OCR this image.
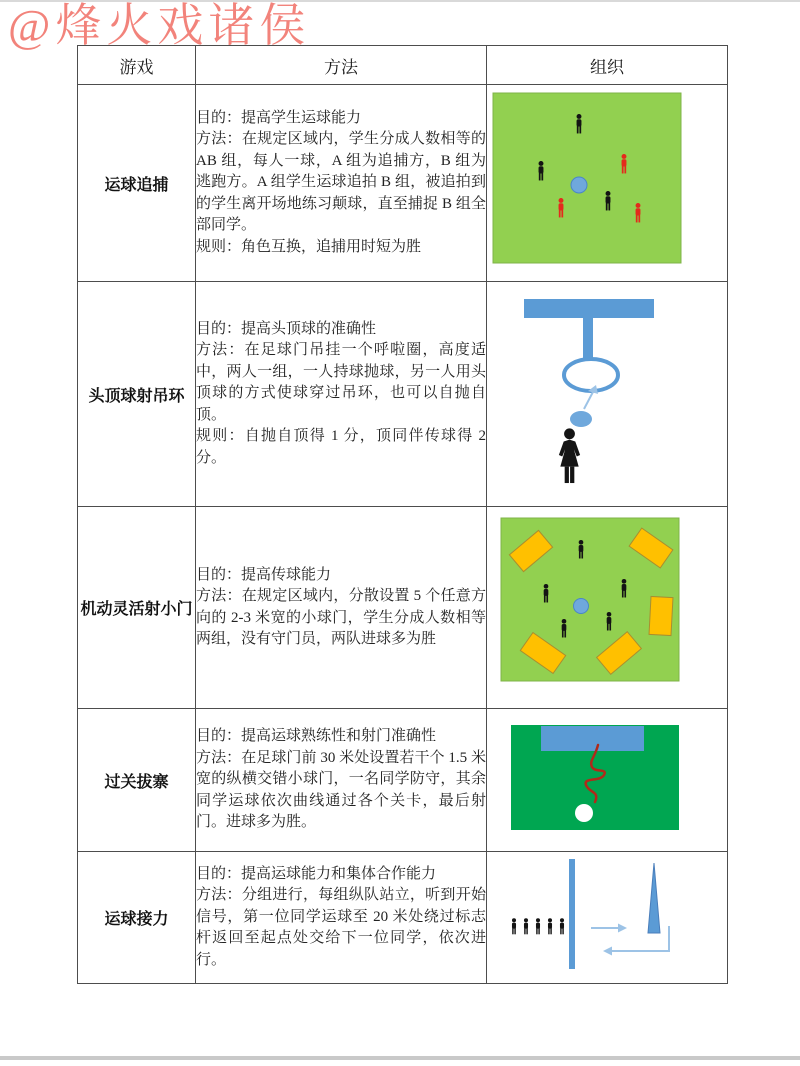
@烽火戏诸侯
游戏	方法	组织
运球追捕	目的：提高学生运球能力
方法：在规定区域内，学生分成人数相等的 AB 组，每人一球，A 组为追捕方，B 组为逃跑方。A 组学生运球追拍 B 组，被追拍到的学生离开场地练习颠球，直至捕捉 B 组全部同学。
规则：角色互换，追捕用时短为胜

头顶球射吊环	目的：提高头顶球的准确性
方法：在足球门吊挂一个呼啦圈，高度适中，两人一组，一人持球抛球，另一人用头顶球的方式使球穿过吊环，也可以自抛自顶。
规则：自抛自顶得 1 分，顶同伴传球得 2 分。

机动灵活射小门	目的：提高传球能力
方法：在规定区域内，分散设置 5 个任意方向的 2-3 米宽的小球门，学生分成人数相等两组，没有守门员，两队进球多为胜

过关拔寨	目的：提高运球熟练性和射门准确性
方法：在足球门前 30 米处设置若干个 1.5 米宽的纵横交错小球门，一名同学防守，其余同学运球依次曲线通过各个关卡，最后射门。进球多为胜。

运球接力	目的：提高运球能力和集体合作能力
方法：分组进行，每组纵队站立，听到开始信号，第一位同学运球至 20 米处绕过标志杆返回至起点处交给下一位同学，依次进行。
